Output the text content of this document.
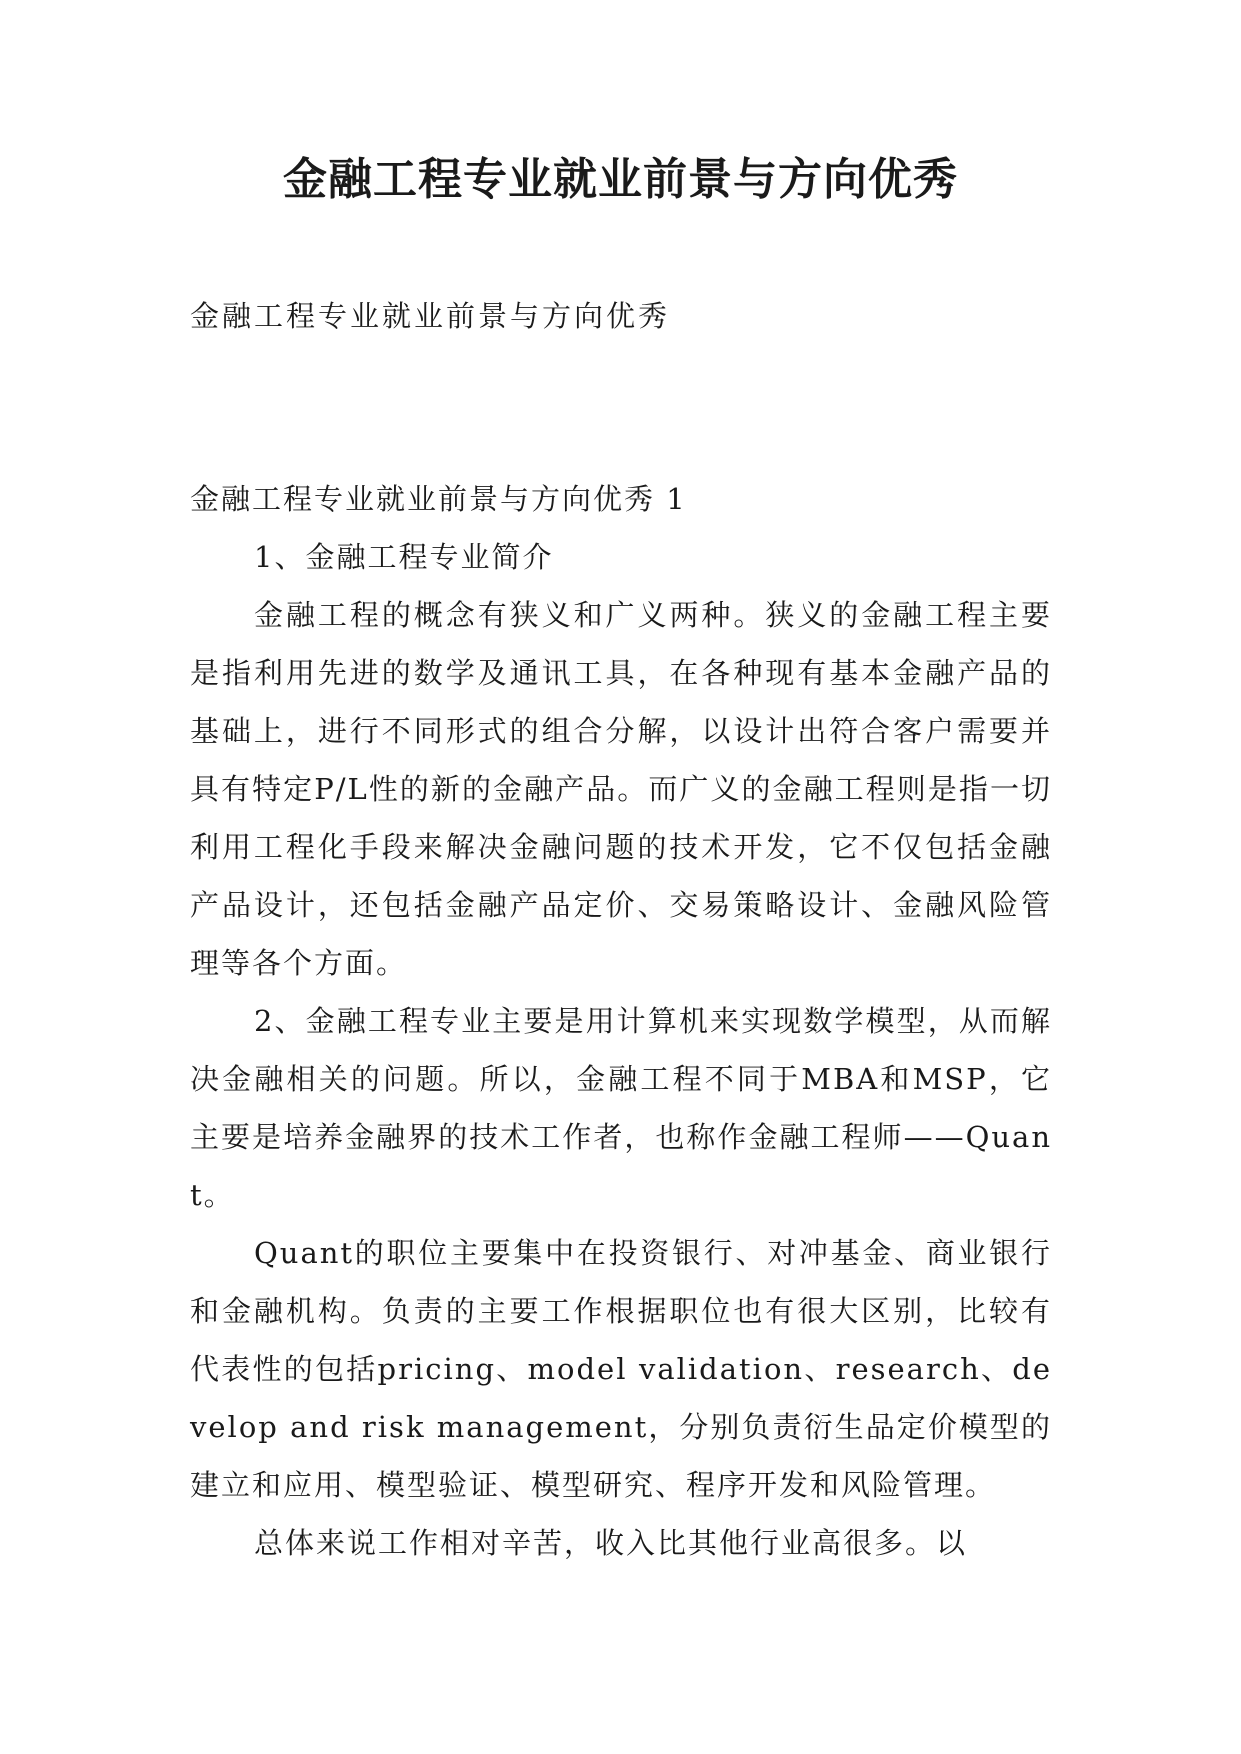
金融工程专业就业前景与方向优秀

金融工程专业就业前景与方向优秀

金融工程专业就业前景与方向优秀 1

1、金融工程专业简介

金融工程的概念有狭义和广义两种。狭义的金融工程主要是指利用先进的数学及通讯工具，在各种现有基本金融产品的基础上，进行不同形式的组合分解，以设计出符合客户需要并具有特定P/L性的新的金融产品。而广义的金融工程则是指一切利用工程化手段来解决金融问题的技术开发，它不仅包括金融产品设计，还包括金融产品定价、交易策略设计、金融风险管理等各个方面。

2、金融工程专业主要是用计算机来实现数学模型，从而解决金融相关的问题。所以，金融工程不同于MBA和MSP，它主要是培养金融界的技术工作者，也称作金融工程师——Quant。

Quant的职位主要集中在投资银行、对冲基金、商业银行和金融机构。负责的主要工作根据职位也有很大区别，比较有代表性的包括pricing、model validation、research、develop and risk management，分别负责衍生品定价模型的建立和应用、模型验证、模型研究、程序开发和风险管理。

总体来说工作相对辛苦，收入比其他行业高很多。以
